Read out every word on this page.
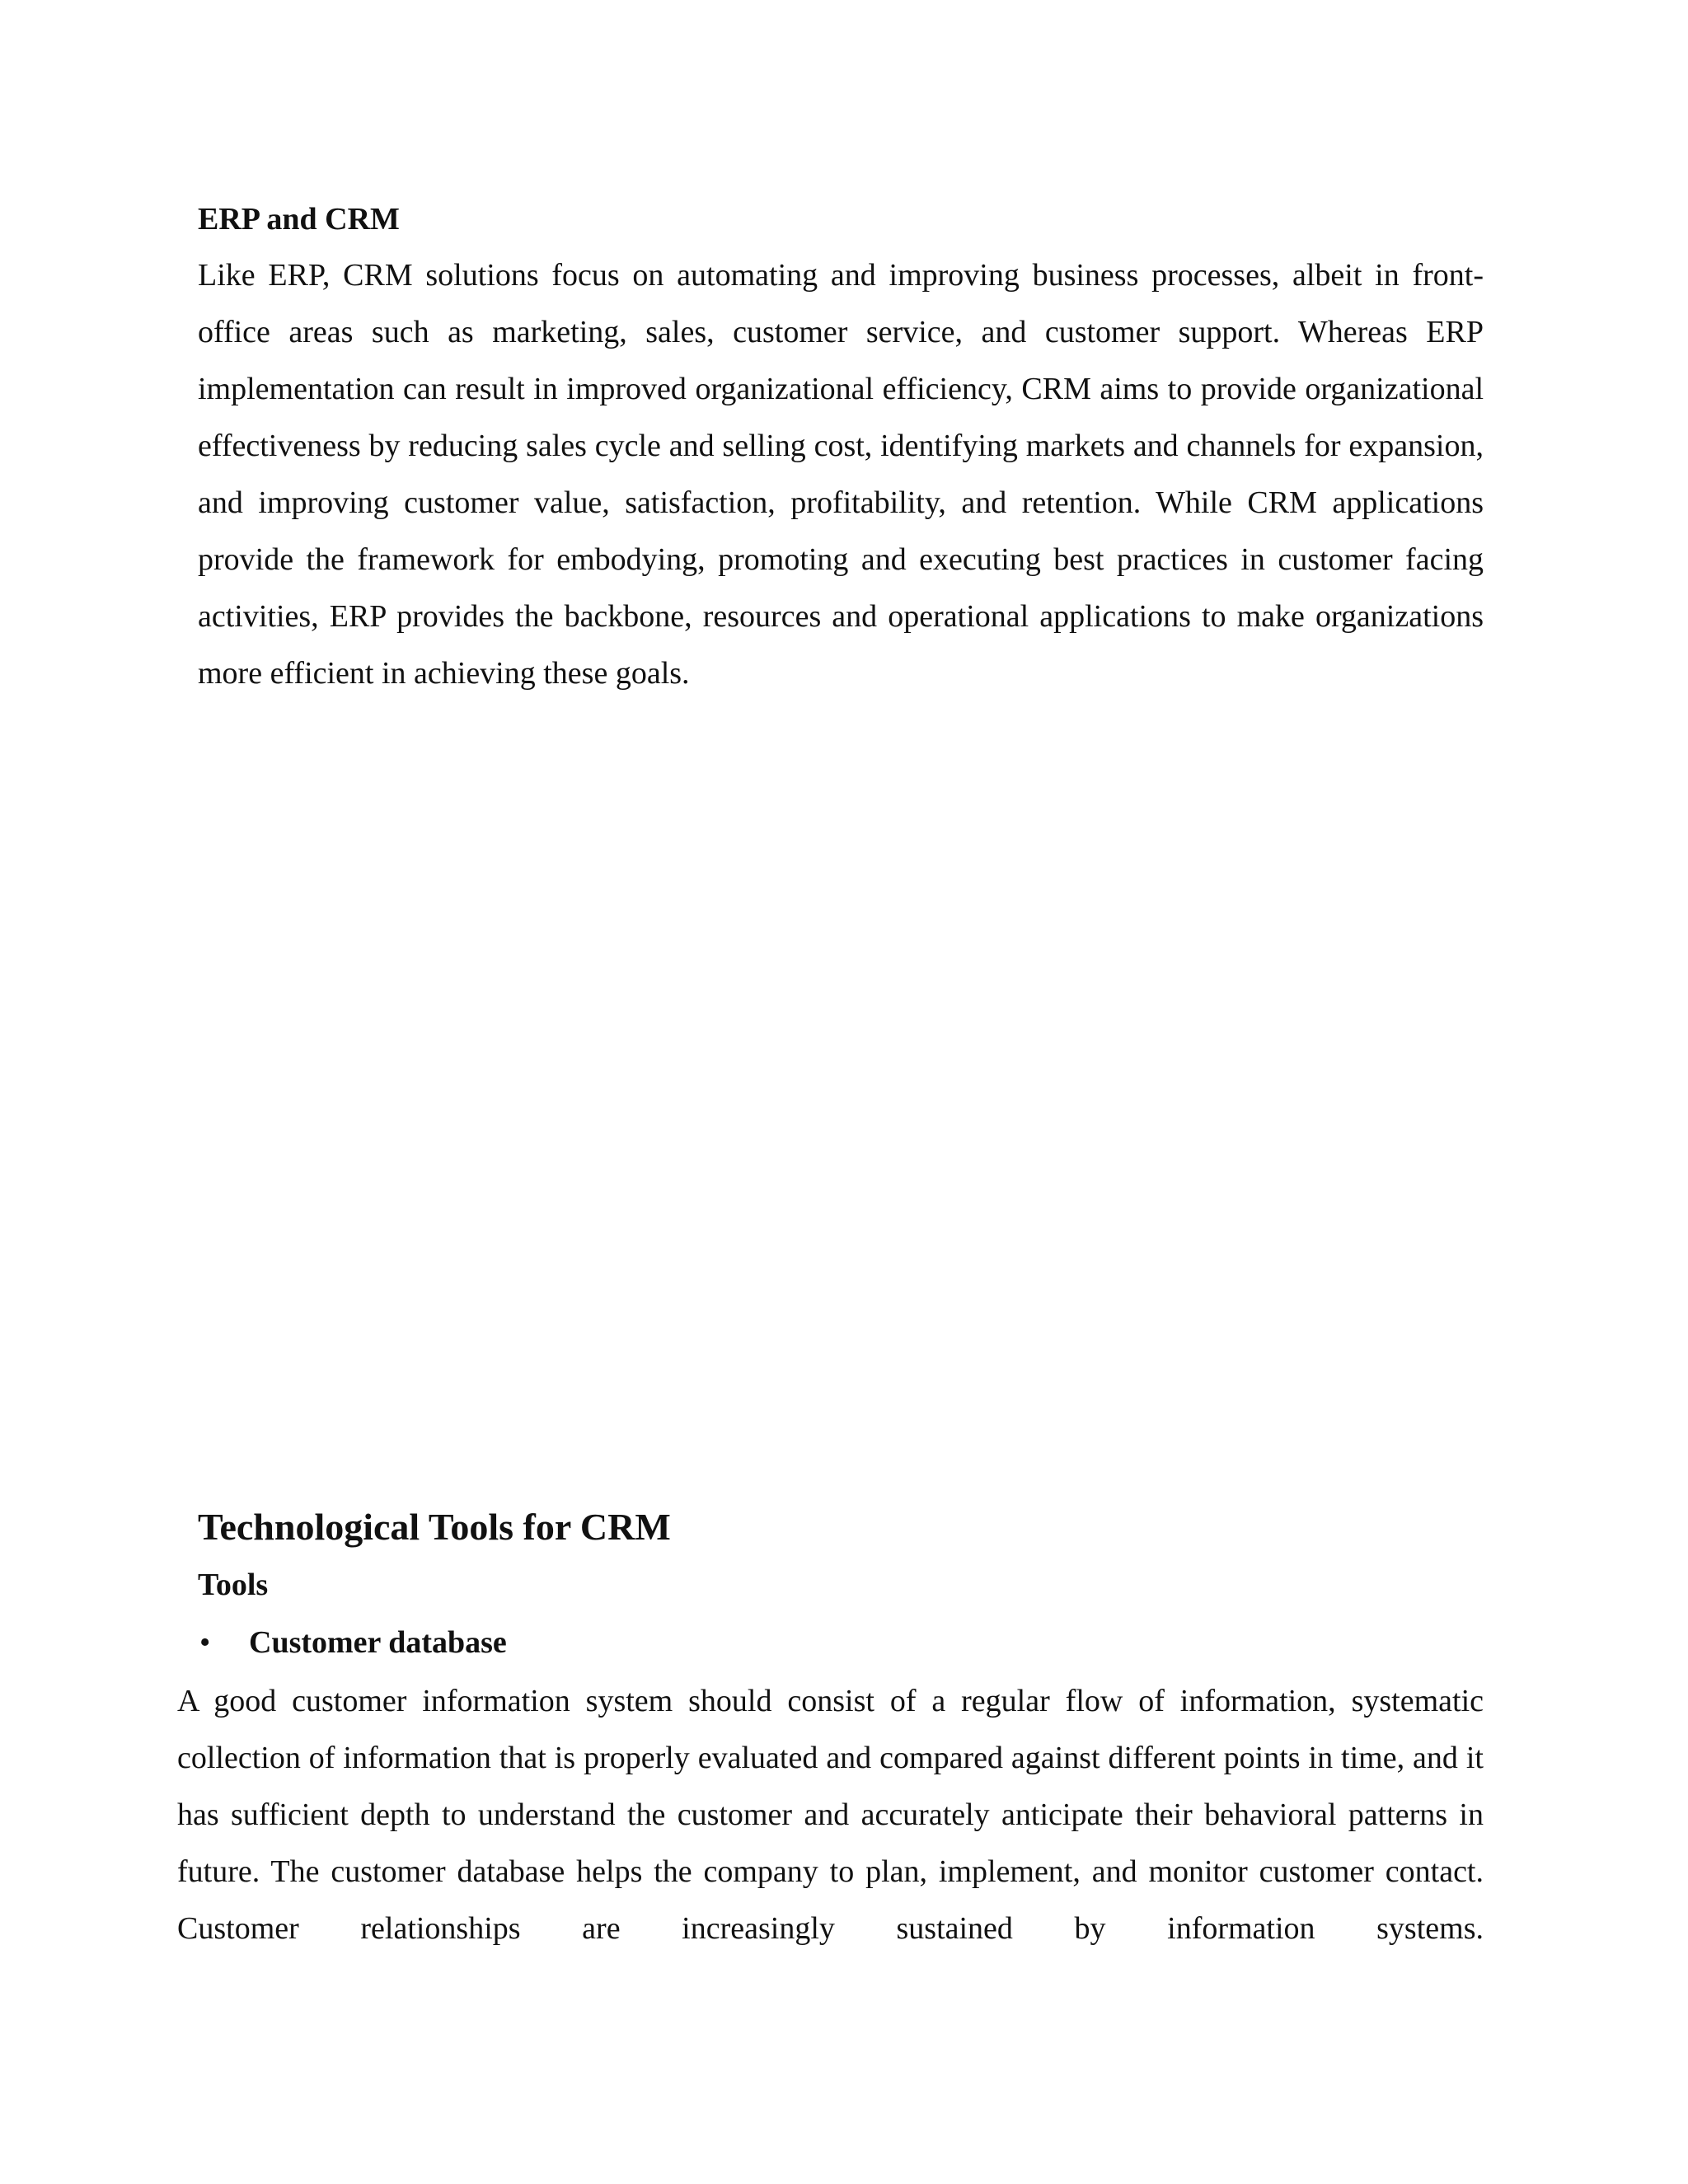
ERP and CRM

Like ERP, CRM solutions focus on automating and improving business processes, albeit in front-office areas such as marketing, sales, customer service, and customer support. Whereas ERP implementation can result in improved organizational efficiency, CRM aims to provide organizational effectiveness by reducing sales cycle and selling cost, identifying markets and channels for expansion, and improving customer value, satisfaction, profitability, and retention. While CRM applications provide the framework for embodying, promoting and executing best practices in customer facing activities, ERP provides the backbone, resources and operational applications to make organizations more efficient in achieving these goals.

Technological Tools for CRM
Tools
•	Customer database

A good customer information system should consist of a regular flow of information, systematic collection of information that is properly evaluated and compared against different points in time, and it has sufficient depth to understand the customer and accurately anticipate their behavioral patterns in future. The customer database helps the company to plan, implement, and monitor customer contact. Customer relationships are increasingly sustained by information systems.
